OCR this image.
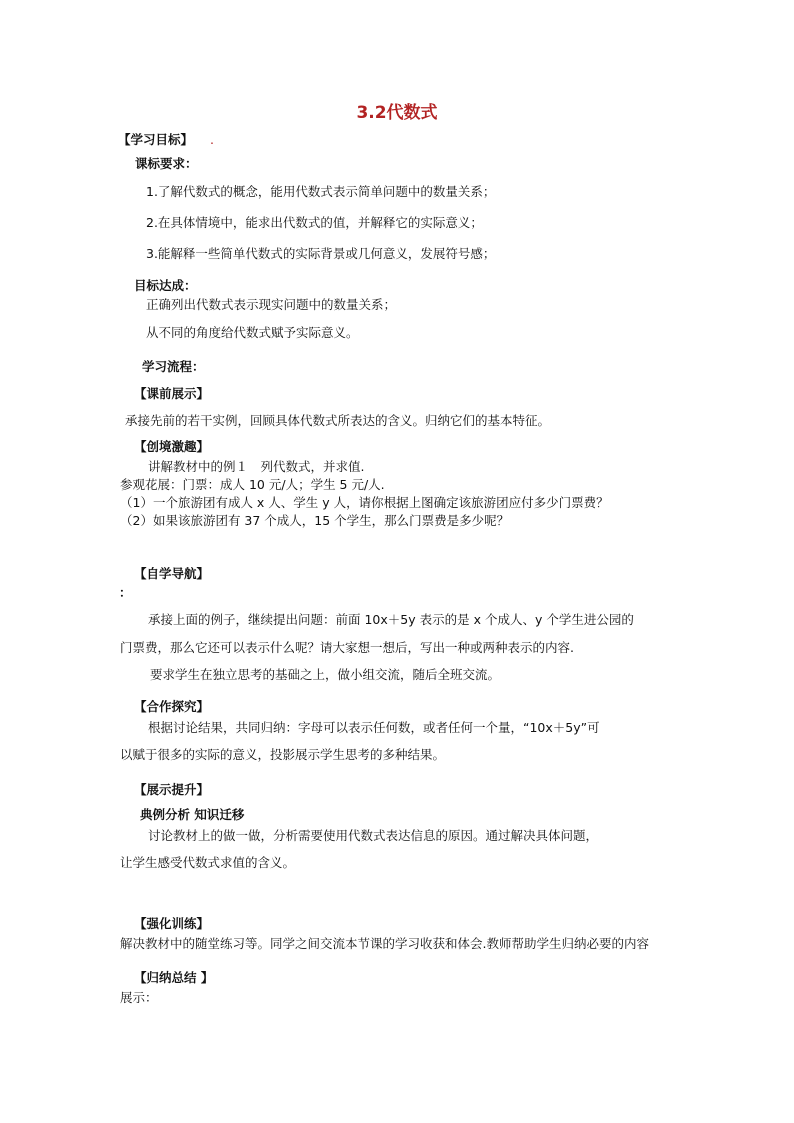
3.2代数式
【学习目标】 .
课标要求：
1.了解代数式的概念，能用代数式表示简单问题中的数量关系；
2.在具体情境中，能求出代数式的值，并解释它的实际意义；
3.能解释一些简单代数式的实际背景或几何意义，发展符号感；
目标达成：
正确列出代数式表示现实问题中的数量关系；
从不同的角度给代数式赋予实际意义。
学习流程：
【课前展示】
承接先前的若干实例，回顾具体代数式所表达的含义。归纳它们的基本特征。
【创境激趣】
讲解教材中的例１　列代数式，并求值.
参观花展：门票：成人 10 元/人；学生 5 元/人.
（1）一个旅游团有成人 x 人、学生 y 人，请你根据上图确定该旅游团应付多少门票费？
（2）如果该旅游团有 37 个成人，15 个学生，那么门票费是多少呢？
【自学导航】
：
承接上面的例子，继续提出问题：前面 10x＋5y 表示的是 x 个成人、y 个学生进公园的
门票费，那么它还可以表示什么呢？请大家想一想后，写出一种或两种表示的内容.
要求学生在独立思考的基础之上，做小组交流，随后全班交流。
【合作探究】
根据讨论结果，共同归纳：字母可以表示任何数，或者任何一个量，“10x＋5y”可
以赋于很多的实际的意义，投影展示学生思考的多种结果。
【展示提升】
典例分析 知识迁移
讨论教材上的做一做，分析需要使用代数式表达信息的原因。通过解决具体问题，
让学生感受代数式求值的含义。
【强化训练】
解决教材中的随堂练习等。同学之间交流本节课的学习收获和体会.教师帮助学生归纳必要的内容
【归纳总结 】
展示：
